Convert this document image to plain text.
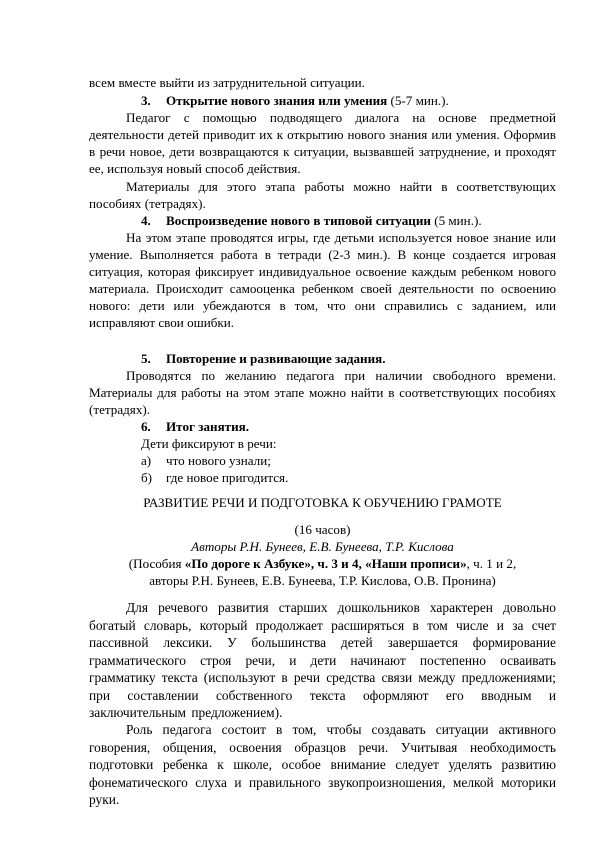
всем вместе выйти из затруднительной ситуации.
3. Открытие нового знания или умения (5-7 мин.).
Педагог с помощью подводящего диалога на основе предметной деятельности детей приводит их к открытию нового знания или умения. Оформив в речи новое, дети возвращаются к ситуации, вызвавшей затруднение, и проходят ее, используя новый способ действия.
Материалы для этого этапа работы можно найти в соответствующих пособиях (тетрадях).
4. Воспроизведение нового в типовой ситуации (5 мин.).
На этом этапе проводятся игры, где детьми используется новое знание или умение. Выполняется работа в тетради (2-3 мин.). В конце создается игровая ситуация, которая фиксирует индивидуальное освоение каждым ребенком нового материала. Происходит самооценка ребенком своей деятельности по освоению нового: дети или убеждаются в том, что они справились с заданием, или исправляют свои ошибки.
5. Повторение и развивающие задания.
Проводятся по желанию педагога при наличии свободного времени. Материалы для работы на этом этапе можно найти в соответствующих пособиях (тетрадях).
6. Итог занятия.
Дети фиксируют в речи:
а) что нового узнали;
б) где новое пригодится.
РАЗВИТИЕ РЕЧИ И ПОДГОТОВКА К ОБУЧЕНИЮ ГРАМОТЕ
(16 часов)
Авторы Р.Н. Бунеев, Е.В. Бунеева, Т.Р. Кислова
(Пособия «По дороге к Азбуке», ч. 3 и 4, «Наши прописи», ч. 1 и 2,
авторы Р.Н. Бунеев, Е.В. Бунеева, Т.Р. Кислова, О.В. Пронина)
Для речевого развития старших дошкольников характерен довольно богатый словарь, который продолжает расширяться в том числе и за счет пассивной лексики. У большинства детей завершается формирование грамматического строя речи, и дети начинают постепенно осваивать грамматику текста (используют в речи средства связи между предложениями; при составлении собственного текста оформляют его вводным и заключительным предложением).
Роль педагога состоит в том, чтобы создавать ситуации активного говорения, общения, освоения образцов речи. Учитывая необходимость подготовки ребенка к школе, особое внимание следует уделять развитию фонематического слуха и правильного звукопроизношения, мелкой моторики руки.
